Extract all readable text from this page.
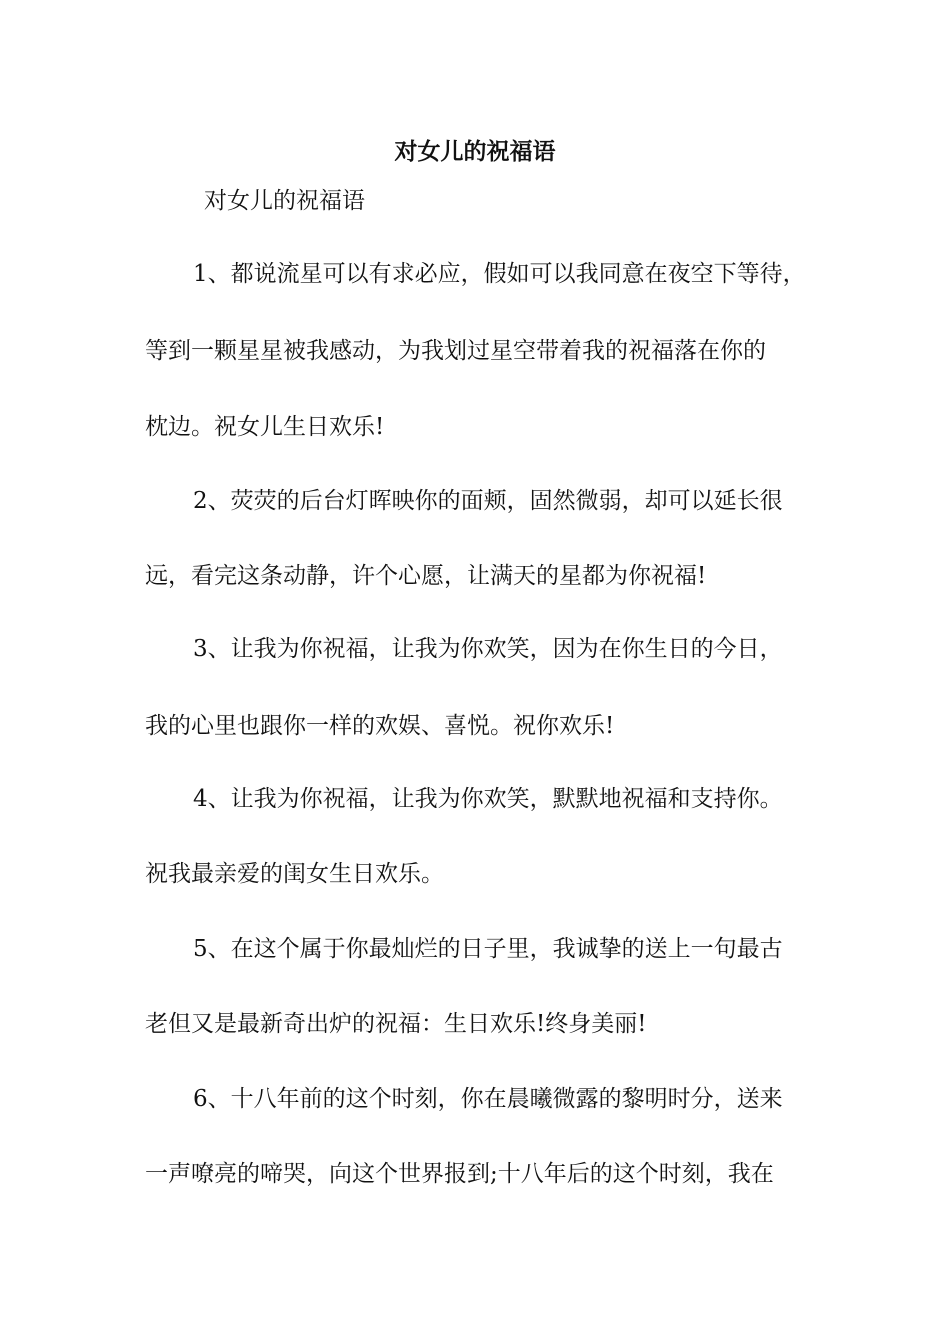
对女儿的祝福语
对女儿的祝福语
1、都说流星可以有求必应，假如可以我同意在夜空下等待，
等到一颗星星被我感动，为我划过星空带着我的祝福落在你的
枕边。祝女儿生日欢乐!
2、荧荧的后台灯晖映你的面颊，固然微弱，却可以延长很
远，看完这条动静，许个心愿，让满天的星都为你祝福!
3、让我为你祝福，让我为你欢笑，因为在你生日的今日，
我的心里也跟你一样的欢娱、喜悦。祝你欢乐!
4、让我为你祝福，让我为你欢笑，默默地祝福和支持你。
祝我最亲爱的闺女生日欢乐。
5、在这个属于你最灿烂的日子里，我诚挚的送上一句最古
老但又是最新奇出炉的祝福：生日欢乐!终身美丽!
6、十八年前的这个时刻，你在晨曦微露的黎明时分，送来
一声嘹亮的啼哭，向这个世界报到;十八年后的这个时刻，我在
